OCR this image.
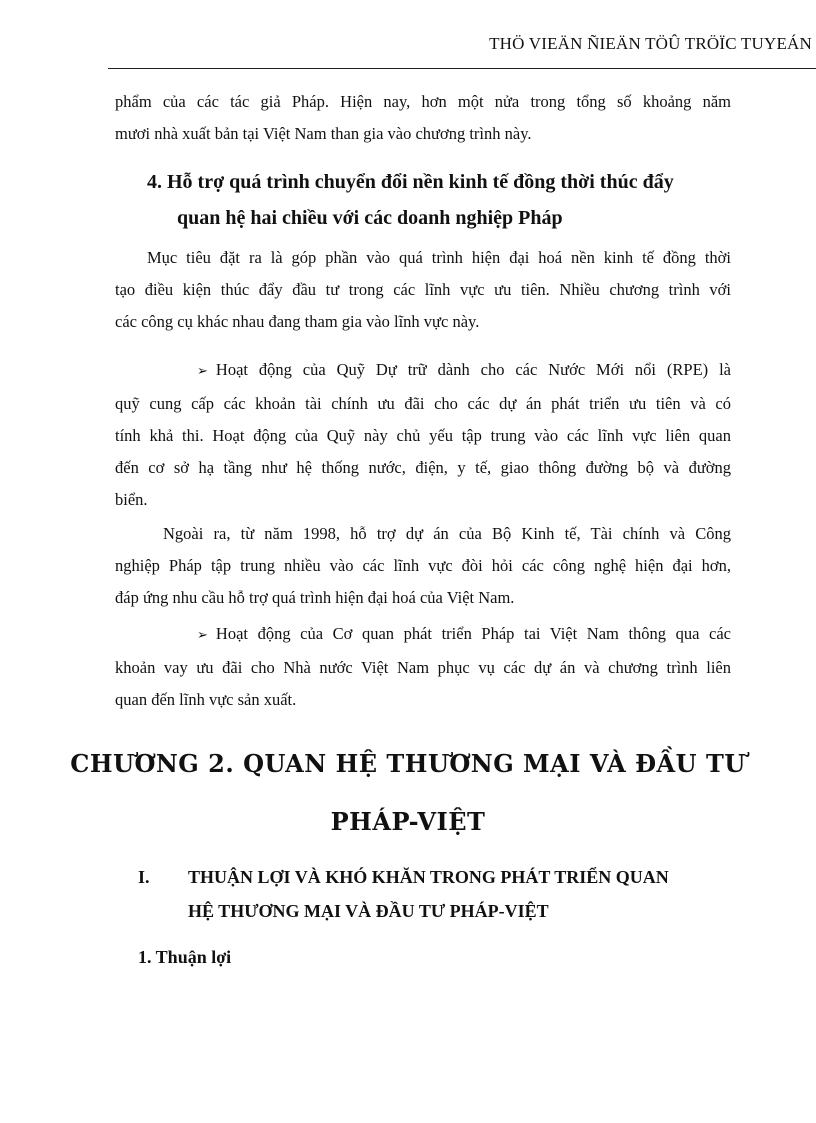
THÖ VIEÄN ÑIEÄN TÖÛ TRÖÏC TUYEÁN

phẩm của các tác giả Pháp. Hiện nay, hơn một nửa trong tổng số khoảng năm
mươi nhà xuất bản tại Việt Nam than gia vào chương trình này.

4. Hỗ trợ quá trình chuyển đổi nền kinh tế đồng thời thúc đẩy
quan hệ hai chiều với các doanh nghiệp Pháp

Mục tiêu đặt ra là góp phần vào quá trình hiện đại hoá nền kinh tế đồng thời
tạo điều kiện thúc đẩy đầu tư trong các lĩnh vực ưu tiên. Nhiều chương trình với
các công cụ khác nhau đang tham gia vào lĩnh vực này.

➢ Hoạt động của Quỹ Dự trữ dành cho các Nước Mới nổi (RPE) là
quỹ cung cấp các khoản tài chính ưu đãi cho các dự án phát triển ưu tiên và có
tính khả thi. Hoạt động của Quỹ này chủ yếu tập trung vào các lĩnh vực liên quan
đến cơ sở hạ tầng như hệ thống nước, điện, y tế, giao thông đường bộ và đường
biển.

Ngoài ra, từ năm 1998, hỗ trợ dự án của Bộ Kinh tế, Tài chính và Công
nghiệp Pháp tập trung nhiều vào các lĩnh vực đòi hỏi các công nghệ hiện đại hơn,
đáp ứng nhu cầu hỗ trợ quá trình hiện đại hoá của Việt Nam.

➢ Hoạt động của Cơ quan phát triển Pháp tai Việt Nam thông qua các
khoản vay ưu đãi cho Nhà nước Việt Nam phục vụ các dự án và chương trình liên
quan đến lĩnh vực sản xuất.

CHƯƠNG 2. QUAN HỆ THƯƠNG MẠI VÀ ĐẦU TƯ
PHÁP-VIỆT
I. THUẬN LỢI VÀ KHÓ KHĂN TRONG PHÁT TRIỂN QUAN
HỆ THƯƠNG MẠI VÀ ĐẦU TƯ PHÁP-VIỆT
1. Thuận lợi
